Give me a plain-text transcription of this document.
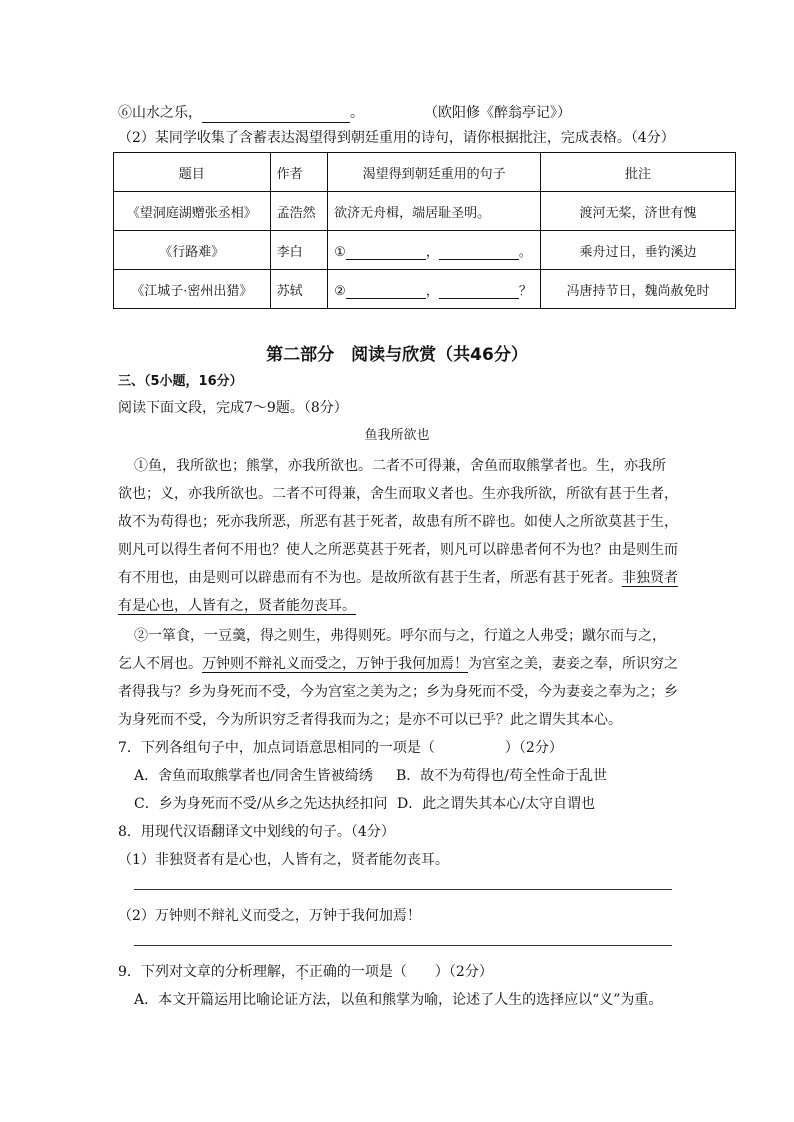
⑥山水之乐，	。	（欧阳修《醉翁亭记》）
（2）某同学收集了含蓄表达渴望得到朝廷重用的诗句，请你根据批注，完成表格。（4分）
题目	作者	渴望得到朝廷重用的句子	批注
《望洞庭湖赠张丞相》	孟浩然	欲济无舟楫，端居耻圣明。	渡河无桨，济世有愧
《行路难》	李白	① ， 。	乘舟过日，垂钓溪边
《江城子·密州出猎》	苏轼	② ， ？	冯唐持节日，魏尚赦免时
第二部分　阅读与欣赏（共46分）
三、（5小题，16分）
阅读下面文段，完成7～9题。（8分）
鱼我所欲也
①鱼，我所欲也；熊掌，亦我所欲也。二者不可得兼，舍鱼而取熊掌者也。生，亦我所
欲也；义，亦我所欲也。二者不可得兼，舍生而取义者也。生亦我所欲，所欲有甚于生者，
故不为苟得也；死亦我所恶，所恶有甚于死者，故患有所不辟也。如使人之所欲莫甚于生，
则凡可以得生者何不用也？使人之所恶莫甚于死者，则凡可以辟患者何不为也？由是则生而
有不用也，由是则可以辟患而有不为也。是故所欲有甚于生者，所恶有甚于死者。非独贤者
有是心也，人皆有之，贤者能勿丧耳。
②一箪食，一豆羹，得之则生，弗得则死。呼尔而与之，行道之人弗受；蹴尔而与之，
乞人不屑也。万钟则不辩礼义而受之，万钟于我何加焉！为宫室之美，妻妾之奉，所识穷之
者得我与？乡为身死而不受，今为宫室之美为之；乡为身死而不受，今为妻妾之奉为之；乡
为身死而不受，今为所识穷乏者得我而为之；是亦不可以已乎？此之谓失其本心。
7．下列各组句子中，加点词语意思相同的一项是（　　　　　）（2分）
A．舍鱼而取熊掌者也/同舍生皆被绮绣 B．故不为苟得也/苟全性命于乱世
C．乡为身死而不受/从乡之先达执经扣问 D．此之谓失其本心/太守自谓也
8．用现代汉语翻译文中划线的句子。（4分）
（1）非独贤者有是心也，人皆有之，贤者能勿丧耳。
（2）万钟则不辩礼义而受之，万钟于我何加焉！
9．下列对文章的分析理解，不正确的一项是（　　）（2分）
A．本文开篇运用比喻论证方法，以鱼和熊掌为喻，论述了人生的选择应以“义”为重。
